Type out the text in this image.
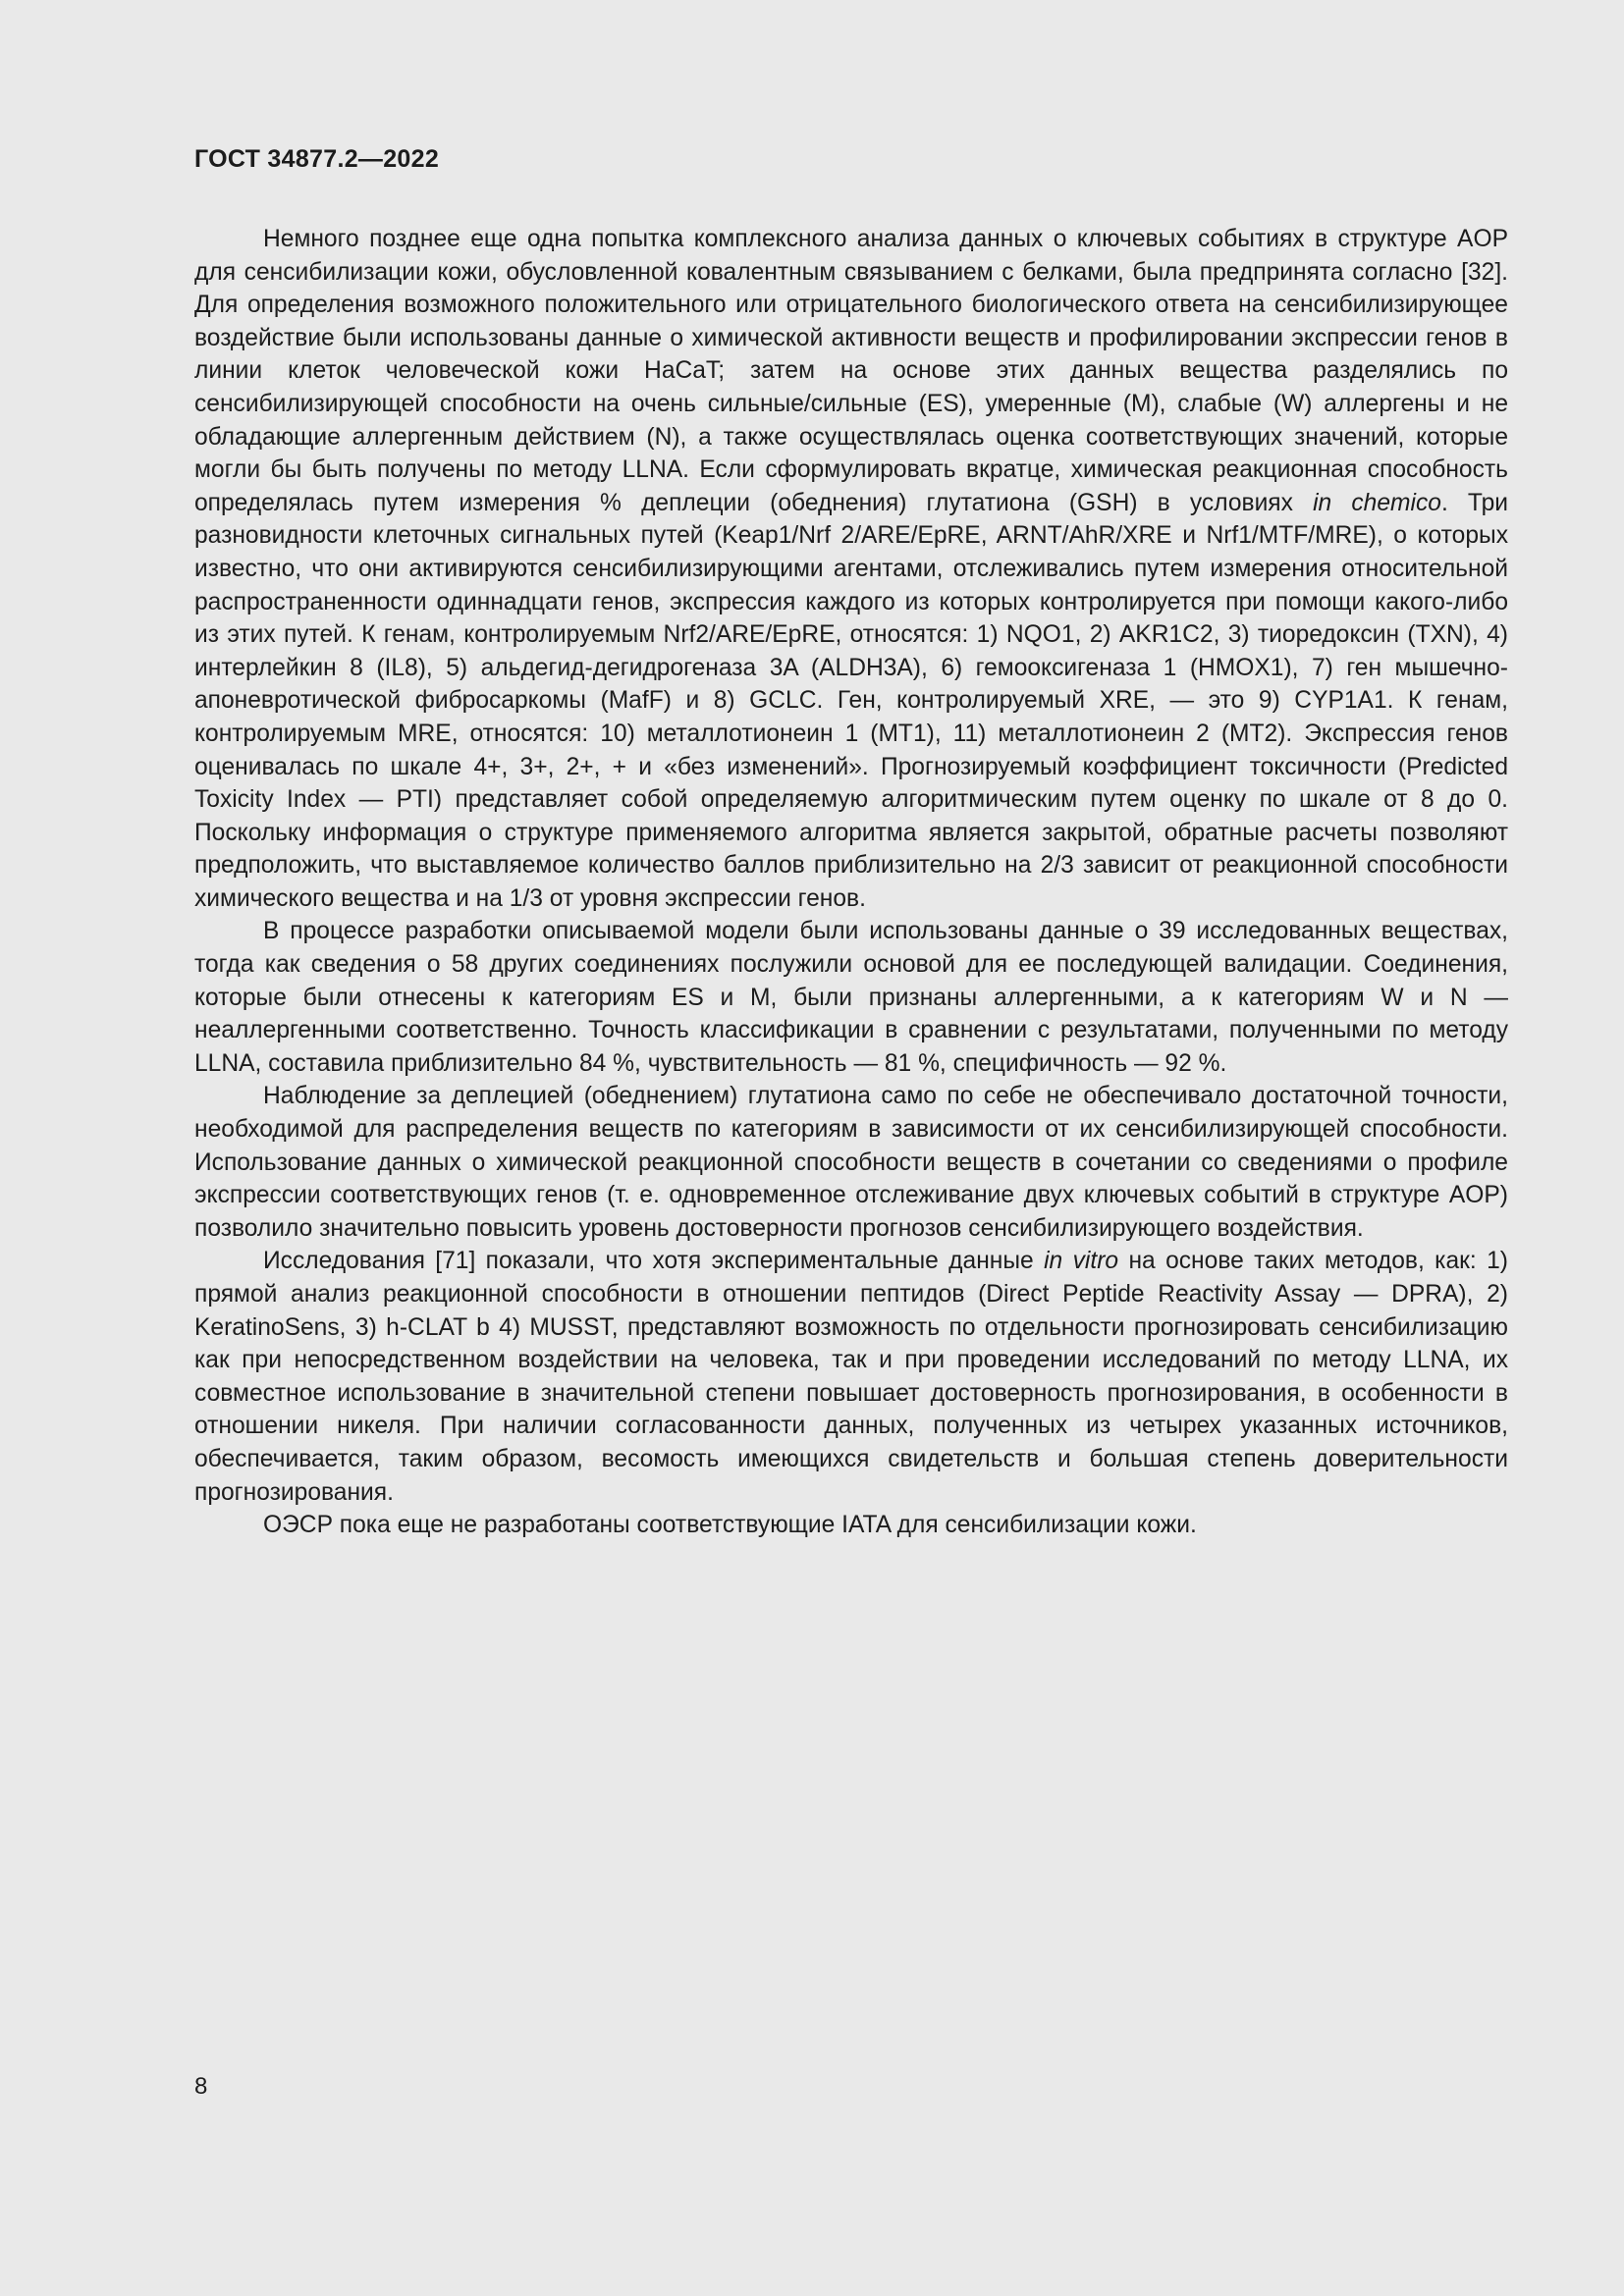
ГОСТ 34877.2—2022

Немного позднее еще одна попытка комплексного анализа данных о ключевых событиях в структуре AOP для сенсибилизации кожи, обусловленной ковалентным связыванием с белками, была предпринята согласно [32]. Для определения возможного положительного или отрицательного биологического ответа на сенсибилизирующее воздействие были использованы данные о химической активности веществ и профилировании экспрессии генов в линии клеток человеческой кожи HaCaT; затем на основе этих данных вещества разделялись по сенсибилизирующей способности на очень сильные/сильные (ES), умеренные (M), слабые (W) аллергены и не обладающие аллергенным действием (N), а также осуществлялась оценка соответствующих значений, которые могли бы быть получены по методу LLNA. Если сформулировать вкратце, химическая реакционная способность определялась путем измерения % деплеции (обеднения) глутатиона (GSH) в условиях in chemico. Три разновидности клеточных сигнальных путей (Keap1/Nrf 2/ARE/EpRE, ARNT/AhR/XRE и Nrf1/MTF/MRE), о которых известно, что они активируются сенсибилизирующими агентами, отслеживались путем измерения относительной распространенности одиннадцати генов, экспрессия каждого из которых контролируется при помощи какого-либо из этих путей. К генам, контролируемым Nrf2/ARE/EpRE, относятся: 1) NQO1, 2) AKR1C2, 3) тиоредоксин (TXN), 4) интерлейкин 8 (IL8), 5) альдегид-дегидрогеназа 3A (ALDH3A), 6) гемооксигеназа 1 (HMOX1), 7) ген мышечно-апоневротической фибросаркомы (MafF) и 8) GCLC. Ген, контролируемый XRE, — это 9) CYP1A1. К генам, контролируемым MRE, относятся: 10) металлотионеин 1 (MT1), 11) металлотионеин 2 (MT2). Экспрессия генов оценивалась по шкале 4+, 3+, 2+, + и «без изменений». Прогнозируемый коэффициент токсичности (Predicted Toxicity Index — PTI) представляет собой определяемую алгоритмическим путем оценку по шкале от 8 до 0. Поскольку информация о структуре применяемого алгоритма является закрытой, обратные расчеты позволяют предположить, что выставляемое количество баллов приблизительно на 2/3 зависит от реакционной способности химического вещества и на 1/3 от уровня экспрессии генов.

В процессе разработки описываемой модели были использованы данные о 39 исследованных веществах, тогда как сведения о 58 других соединениях послужили основой для ее последующей валидации. Соединения, которые были отнесены к категориям ES и M, были признаны аллергенными, а к категориям W и N — неаллергенными соответственно. Точность классификации в сравнении с результатами, полученными по методу LLNA, составила приблизительно 84 %, чувствительность — 81 %, специфичность — 92 %.

Наблюдение за деплецией (обеднением) глутатиона само по себе не обеспечивало достаточной точности, необходимой для распределения веществ по категориям в зависимости от их сенсибилизирующей способности. Использование данных о химической реакционной способности веществ в сочетании со сведениями о профиле экспрессии соответствующих генов (т. е. одновременное отслеживание двух ключевых событий в структуре AOP) позволило значительно повысить уровень достоверности прогнозов сенсибилизирующего воздействия.

Исследования [71] показали, что хотя экспериментальные данные in vitro на основе таких методов, как: 1) прямой анализ реакционной способности в отношении пептидов (Direct Peptide Reactivity Assay — DPRA), 2) KeratinoSens, 3) h-CLAT b 4) MUSST, представляют возможность по отдельности прогнозировать сенсибилизацию как при непосредственном воздействии на человека, так и при проведении исследований по методу LLNA, их совместное использование в значительной степени повышает достоверность прогнозирования, в особенности в отношении никеля. При наличии согласованности данных, полученных из четырех указанных источников, обеспечивается, таким образом, весомость имеющихся свидетельств и большая степень доверительности прогнозирования.

ОЭСР пока еще не разработаны соответствующие IATA для сенсибилизации кожи.

8
